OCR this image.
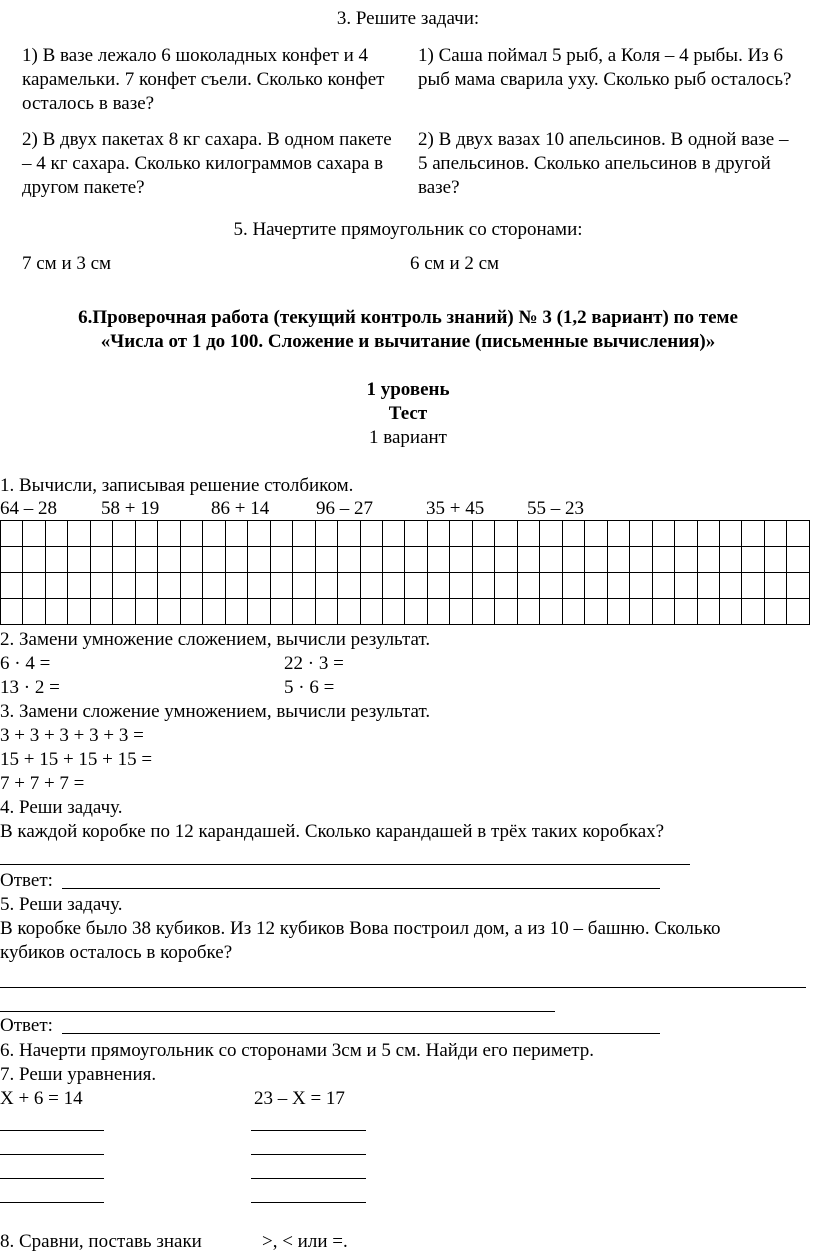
3. Решите задачи:
1) В вазе лежало 6 шоколадных конфет и 4 карамельки. 7 конфет съели. Сколько конфет осталось в вазе?
1) Саша поймал 5 рыб, а Коля – 4 рыбы. Из 6 рыб мама сварила уху. Сколько рыб осталось?
2) В двух пакетах 8 кг сахара. В одном пакете – 4 кг сахара. Сколько килограммов сахара в другом пакете?
2) В двух вазах 10 апельсинов. В одной вазе – 5 апельсинов. Сколько апельсинов в другой вазе?
5. Начертите прямоугольник со сторонами:
7 см и 3 см	6 см и 2 см
6.Проверочная работа (текущий контроль знаний) № 3 (1,2 вариант) по теме
«Числа от 1 до 100. Сложение и вычитание (письменные вычисления)»
1 уровень
Тест
1 вариант
1. Вычисли, записывая решение столбиком.
64 – 28 58 + 19	86 + 14 96 – 27	35 + 45 55 – 23

2. Замени умножение сложением, вычисли результат.
6 · 4 =	22 · 3 =
13 · 2 =	5 · 6 =
3. Замени сложение умножением, вычисли результат.
3 + 3 + 3 + 3 + 3 =
15 + 15 + 15 + 15 =
7 + 7 + 7 =
4. Реши задачу.
В каждой коробке по 12 карандашей. Сколько карандашей в трёх таких коробках?
Ответ:
5. Реши задачу.
В коробке было 38 кубиков. Из 12 кубиков Вова построил дом, а из 10 – башню. Сколько
кубиков осталось в коробке?
Ответ:
6. Начерти прямоугольник со сторонами 3см и 5 см. Найди его периметр.
7. Реши уравнения.
Х + 6 = 14	23 – Х = 17
8. Сравни, поставь знаки	>, < или =.
